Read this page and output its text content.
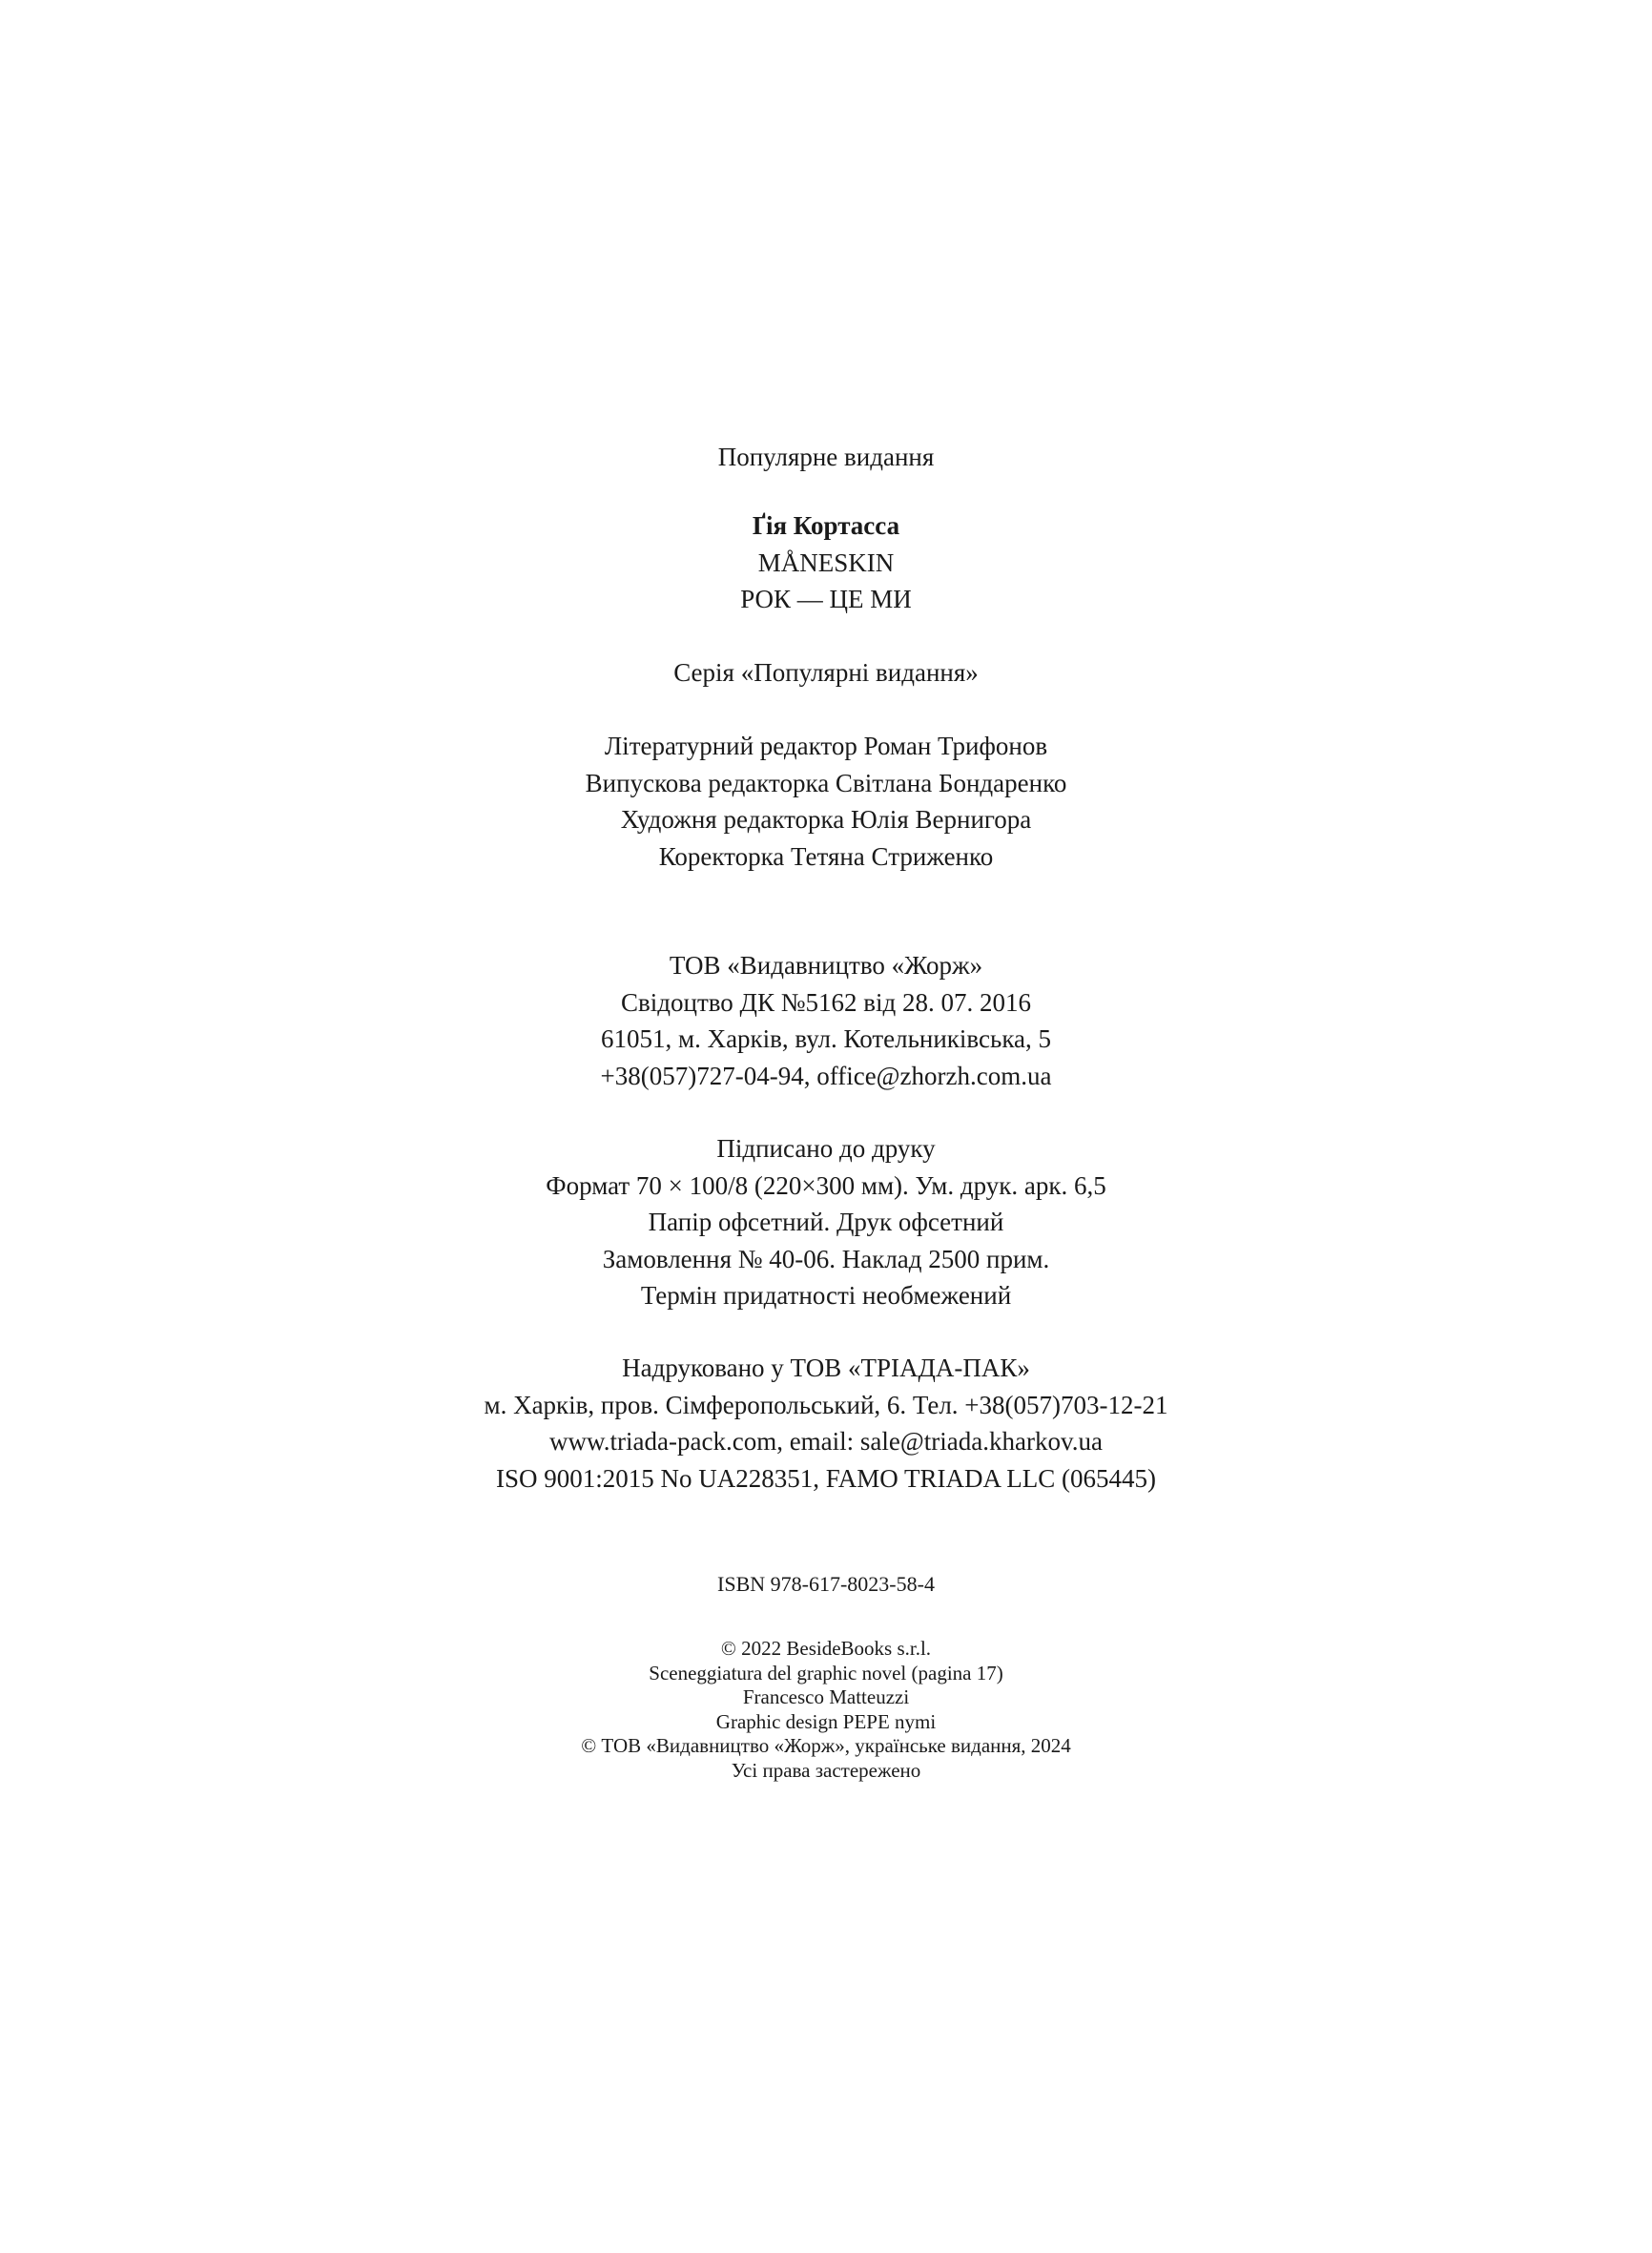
Популярне видання
Ґія Кортасса
MÅNESKIN
РОК — ЦЕ МИ
Серія «Популярні видання»
Літературний редактор Роман Трифонов
Випускова редакторка Світлана Бондаренко
Художня редакторка Юлія Вернигора
Коректорка Тетяна Стриженко
ТОВ «Видавництво «Жорж»
Свідоцтво ДК №5162 від 28. 07. 2016
61051, м. Харків, вул. Котельниківська, 5
+38(057)727-04-94, office@zhorzh.com.ua
Підписано до друку
Формат 70 × 100/8 (220×300 мм). Ум. друк. арк. 6,5
Папір офсетний. Друк офсетний
Замовлення № 40-06. Наклад 2500 прим.
Термін придатності необмежений
Надруковано у ТОВ «ТРІАДА-ПАК»
м. Харків, пров. Сімферопольський, 6. Тел. +38(057)703-12-21
www.triada-pack.com, email: sale@triada.kharkov.ua
ISO 9001:2015 No UA228351, FAMO TRIADA LLC (065445)
ISBN 978-617-8023-58-4
© 2022 BesideBooks s.r.l.
Sceneggiatura del graphic novel (pagina 17)
Francesco Matteuzzi
Graphic design PEPE nymi
© ТОВ «Видавництво «Жорж», українське видання, 2024
Усі права застережено
